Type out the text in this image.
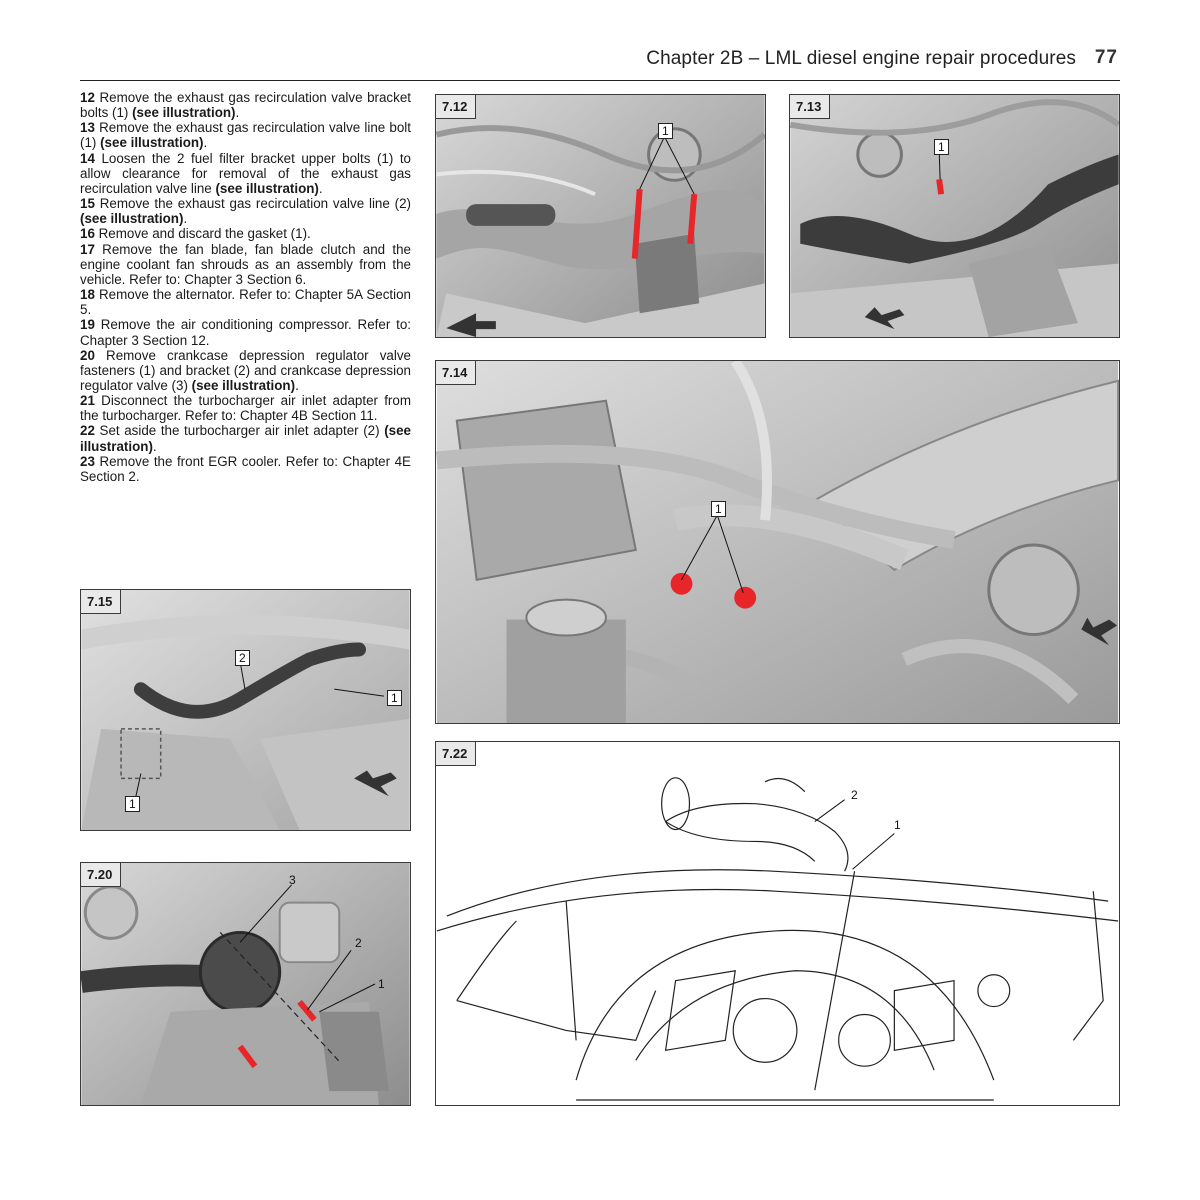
Chapter 2B – LML diesel engine repair procedures 77

12 Remove the exhaust gas recirculation valve bracket bolts (1) (see illustration).

13 Remove the exhaust gas recirculation valve line bolt (1) (see illustration).

14 Loosen the 2 fuel filter bracket upper bolts (1) to allow clearance for removal of the exhaust gas recirculation valve line (see illustration).

15 Remove the exhaust gas recirculation valve line (2) (see illustration).

16 Remove and discard the gasket (1).

17 Remove the fan blade, fan blade clutch and the engine coolant fan shrouds as an assembly from the vehicle. Refer to: Chapter 3 Section 6.

18 Remove the alternator. Refer to: Chapter 5A Section 5.

19 Remove the air conditioning compressor. Refer to: Chapter 3 Section 12.

20 Remove crankcase depression regulator valve fasteners (1) and bracket (2) and crankcase depression regulator valve (3) (see illustration).

21 Disconnect the turbocharger air inlet adapter from the turbocharger. Refer to: Chapter 4B Section 11.

22 Set aside the turbocharger air inlet adapter (2) (see illustration).

23 Remove the front EGR cooler. Refer to: Chapter 4E Section 2.

7.12
1
7.13
1
7.14
1
7.15
2
1
1
7.20	3
2
1
7.22
2
1
